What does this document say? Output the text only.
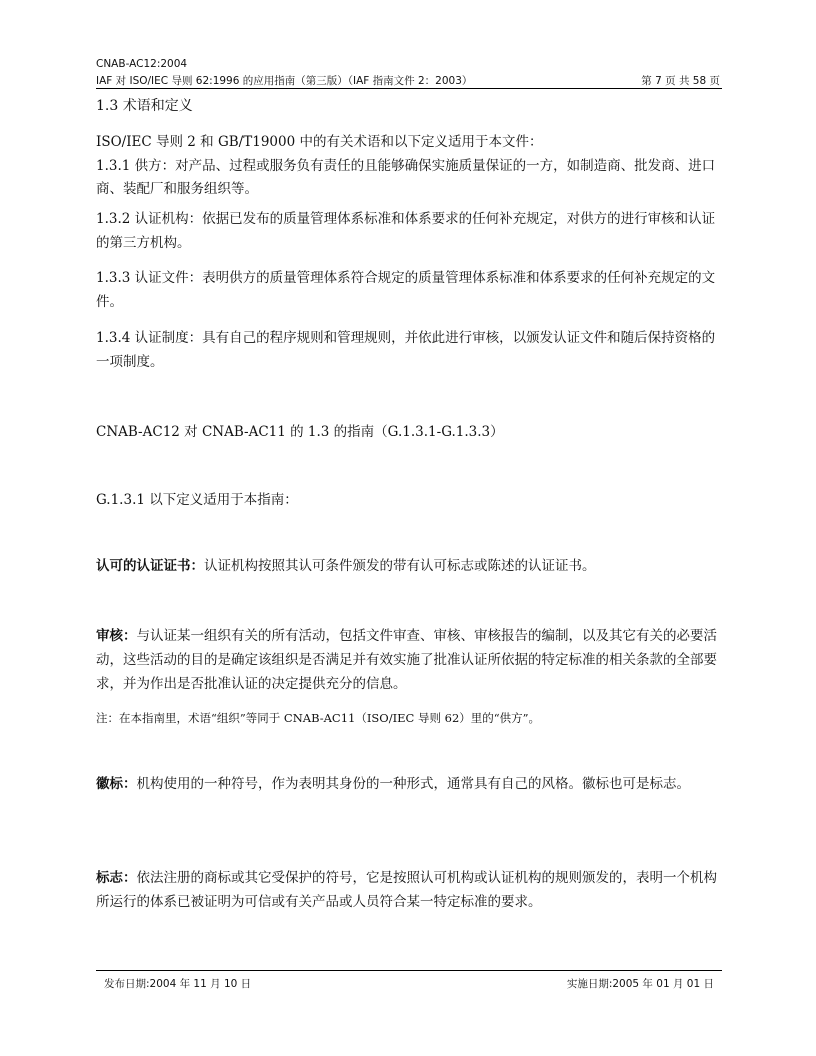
CNAB-AC12:2004
IAF 对 ISO/IEC 导则 62:1996 的应用指南（第三版）（IAF 指南文件 2：2003）	第 7 页 共 58 页
1.3 术语和定义
ISO/IEC 导则 2 和 GB/T19000 中的有关术语和以下定义适用于本文件：
1.3.1 供方：对产品、过程或服务负有责任的且能够确保实施质量保证的一方，如制造商、批发商、进口商、装配厂和服务组织等。
1.3.2 认证机构：依据已发布的质量管理体系标准和体系要求的任何补充规定，对供方的进行审核和认证的第三方机构。
1.3.3 认证文件：表明供方的质量管理体系符合规定的质量管理体系标准和体系要求的任何补充规定的文件。
1.3.4 认证制度：具有自己的程序规则和管理规则，并依此进行审核，以颁发认证文件和随后保持资格的一项制度。
CNAB-AC12 对 CNAB-AC11 的 1.3 的指南（G.1.3.1-G.1.3.3）
G.1.3.1 以下定义适用于本指南：
认可的认证证书：认证机构按照其认可条件颁发的带有认可标志或陈述的认证证书。
审核：与认证某一组织有关的所有活动，包括文件审查、审核、审核报告的编制，以及其它有关的必要活动，这些活动的目的是确定该组织是否满足并有效实施了批准认证所依据的特定标准的相关条款的全部要求，并为作出是否批准认证的决定提供充分的信息。
注：在本指南里，术语“组织”等同于 CNAB-AC11（ISO/IEC 导则 62）里的“供方”。
徽标：机构使用的一种符号，作为表明其身份的一种形式，通常具有自己的风格。徽标也可是标志。
标志：依法注册的商标或其它受保护的符号，它是按照认可机构或认证机构的规则颁发的，表明一个机构所运行的体系已被证明为可信或有关产品或人员符合某一特定标准的要求。
发布日期:2004 年 11 月 10 日	实施日期:2005 年 01 月 01 日
